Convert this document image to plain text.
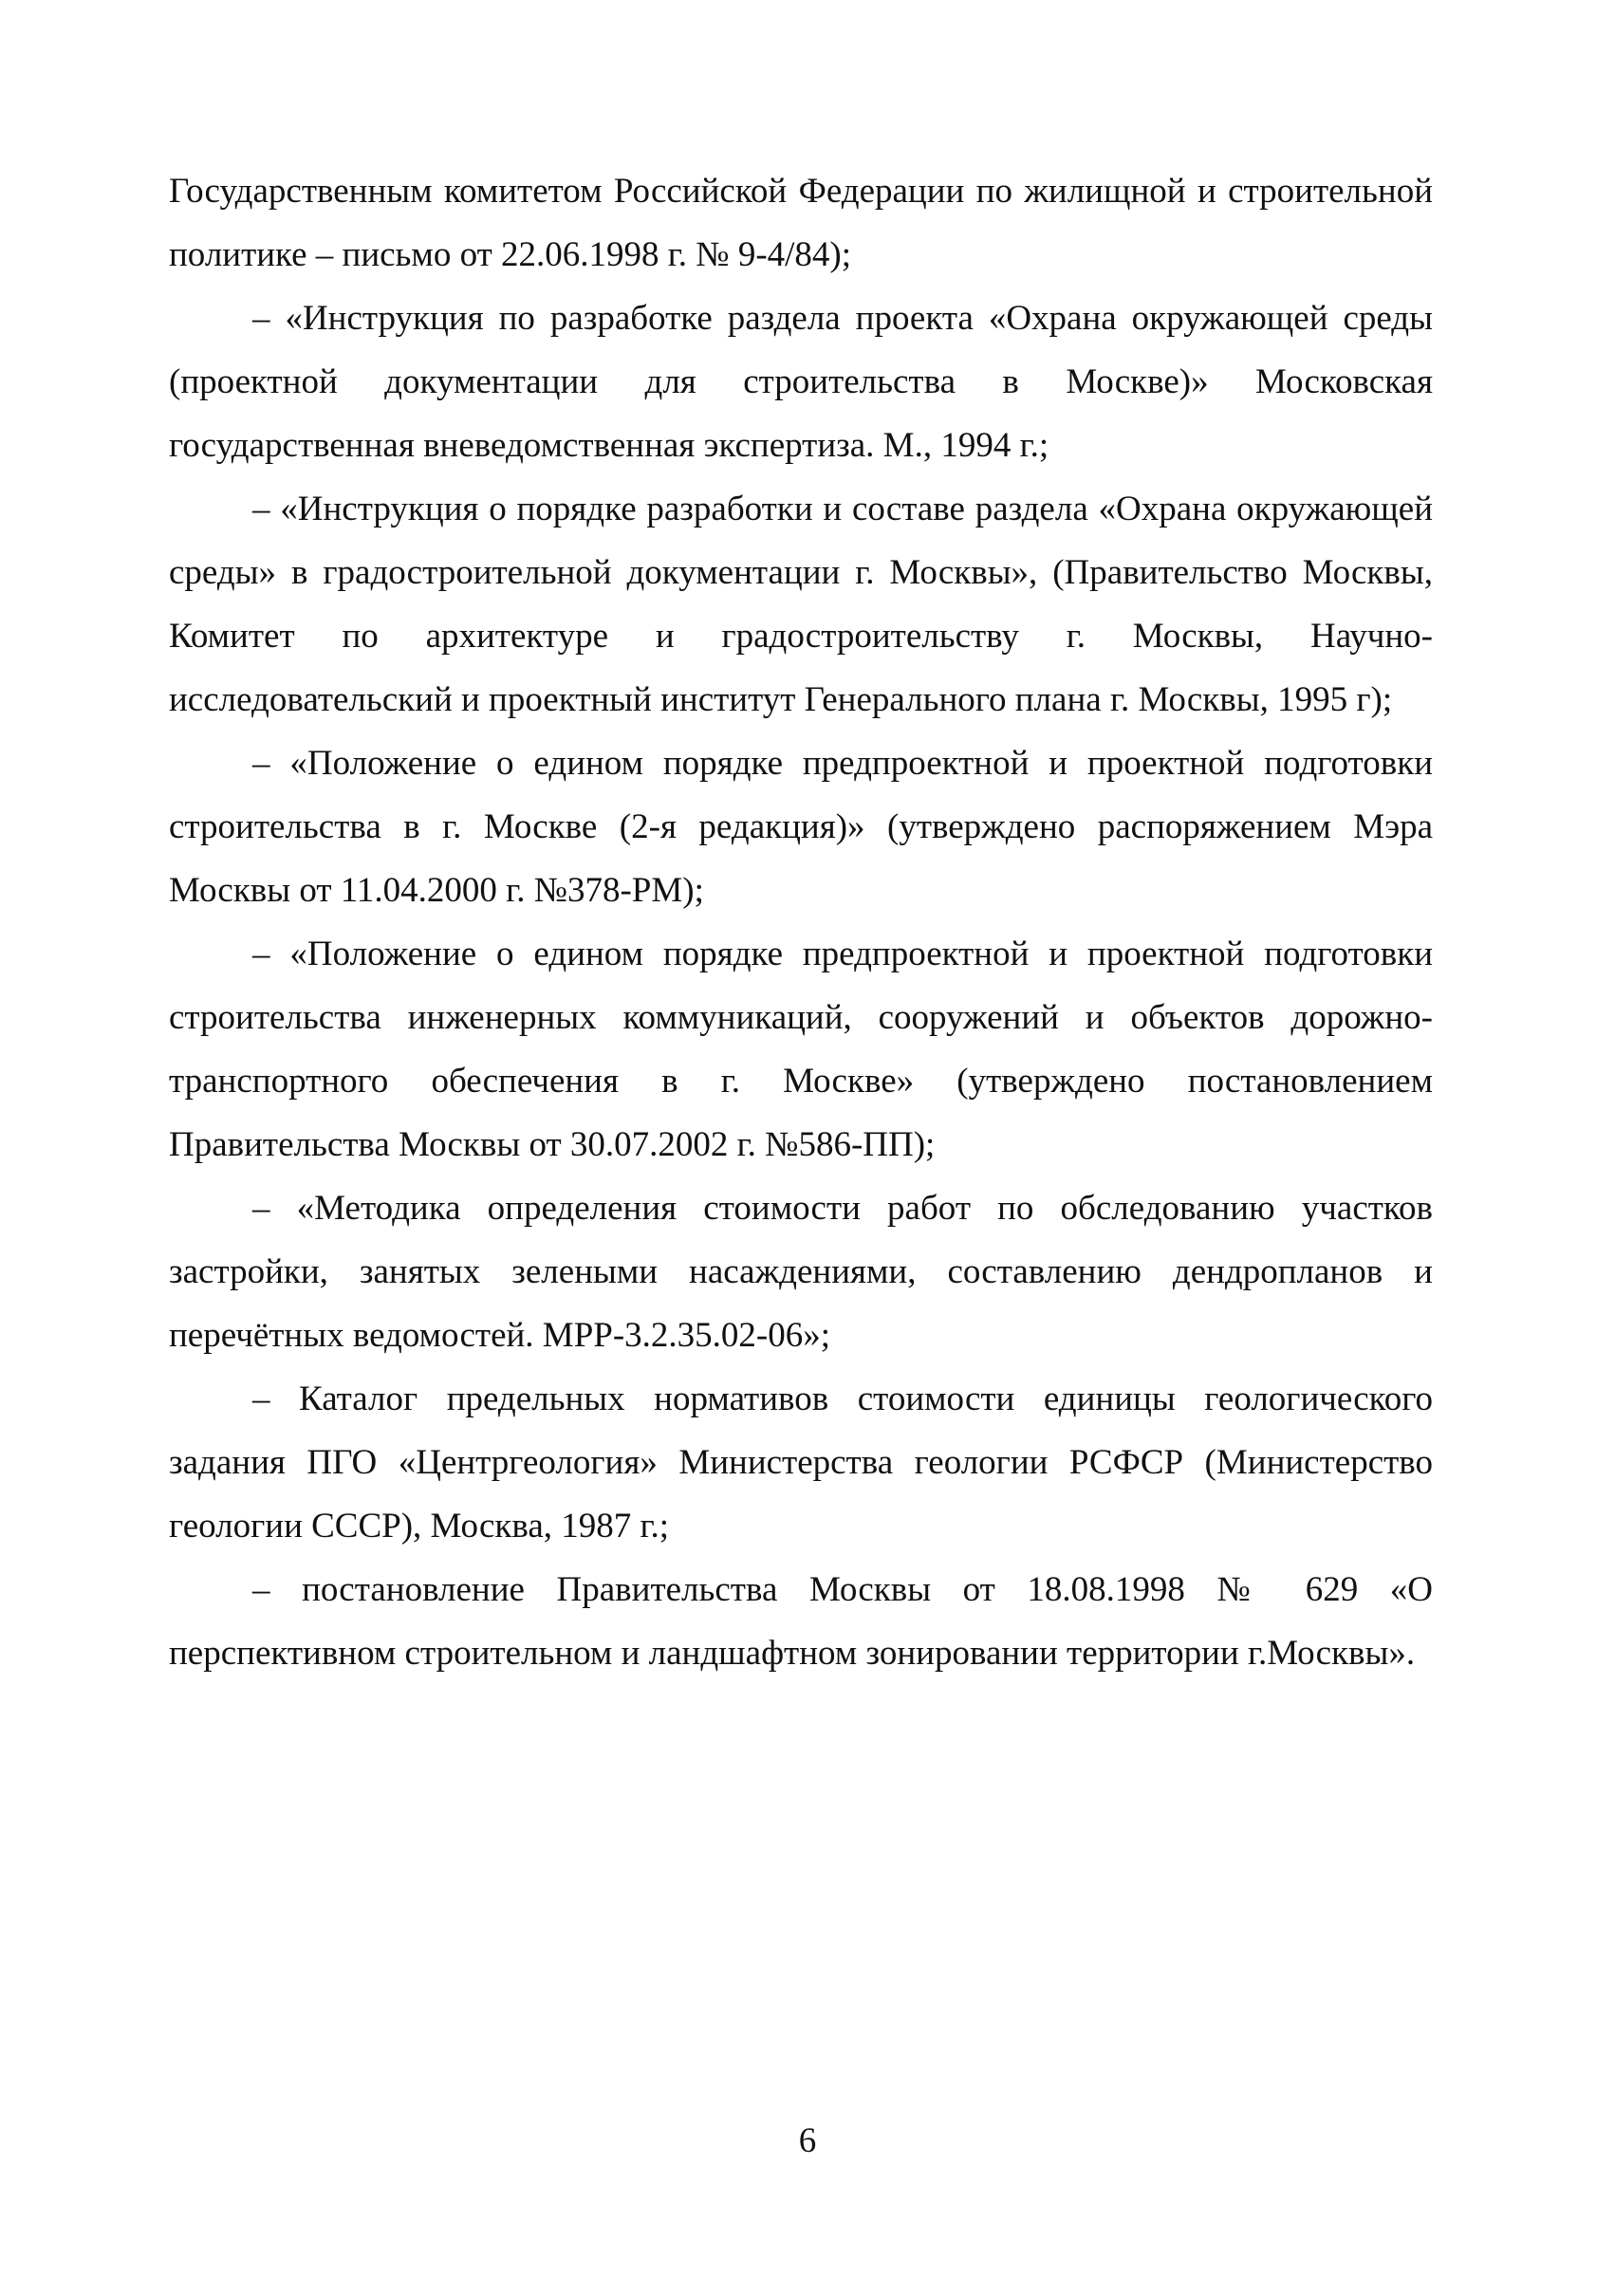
Государственным комитетом Российской Федерации по жилищной и строительной политике – письмо от 22.06.1998 г. № 9-4/84);

– «Инструкция по разработке раздела проекта «Охрана окружающей среды (проектной документации для строительства в Москве)» Московская государственная вневедомственная экспертиза. М., 1994 г.;

– «Инструкция о порядке разработки и составе раздела «Охрана окружающей среды» в градостроительной документации г. Москвы», (Правительство Москвы, Комитет по архитектуре и градостроительству г. Москвы, Научно-исследовательский и проектный институт Генерального плана г. Москвы, 1995 г);

– «Положение о едином порядке предпроектной и проектной подготовки строительства в г. Москве (2-я редакция)» (утверждено распоряжением Мэра Москвы от 11.04.2000 г. №378-РМ);

– «Положение о едином порядке предпроектной и проектной подготовки строительства инженерных коммуникаций, сооружений и объектов дорожно-транспортного обеспечения в г. Москве» (утверждено постановлением Правительства Москвы от 30.07.2002 г. №586-ПП);

– «Методика определения стоимости работ по обследованию участков застройки, занятых зелеными насаждениями, составлению дендропланов и перечётных ведомостей. МРР-3.2.35.02-06»;

– Каталог предельных нормативов стоимости единицы геологического задания ПГО «Центргеология» Министерства геологии РСФСР (Министерство геологии СССР), Москва, 1987 г.;

– постановление Правительства Москвы от 18.08.1998 № 629 «О перспективном строительном и ландшафтном зонировании территории г.Москвы».

6
